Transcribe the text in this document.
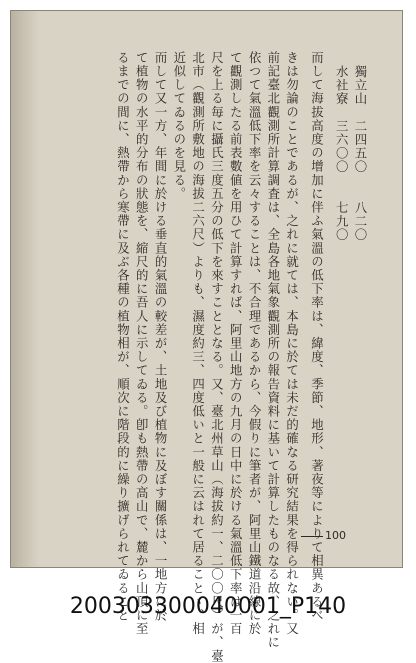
獨立山　二四五〇　　八二〇
水社寮　三六〇〇　　七九〇
而して海拔高度の增加に伴ふ氣溫の低下率は、緯度、季節、地形、著夜等によりて相異あるべ
きは勿論のことであるが、之れに就ては、本島に於ては未だ的確なる研究結果を得られない。又
前記臺北觀測所計算調査は、全島各地氣象觀測所の報告資料に基いて計算したものなる故、之れに
依つて氣溫低下率を云々することは、不合理であるから、今假りに筆者が、阿里山鐵道沿線に於
て觀測したる前表數値を用ひて計算すれば、阿里山地方の九月の日中に於ける氣溫低下率は一百
尺を上る毎に攝氏三度五分の低下を來すこととなる。又、臺北州草山（海拔約一、二〇〇尺）が、臺
北市（觀測所敷地の海拔二六尺）よりも、濕度約三、四度低いと一般に云はれて居ることゝ、相
近似してゐるのを見る。
而して又一方、年間に於ける垂直的氣溫の較差が、土地及び植物に及ぼす關係は、一地方に於
て植物の水平的分布の狀態を、縮尺的に吾人に示してゐる。卽も熱帶の高山で、麓から山頂に至
るまでの間に、熱帶から寒帶に及ぶ各種の植物相が、順次に階段的に繰り擴げられてゐること	100
200303300040001_P140
